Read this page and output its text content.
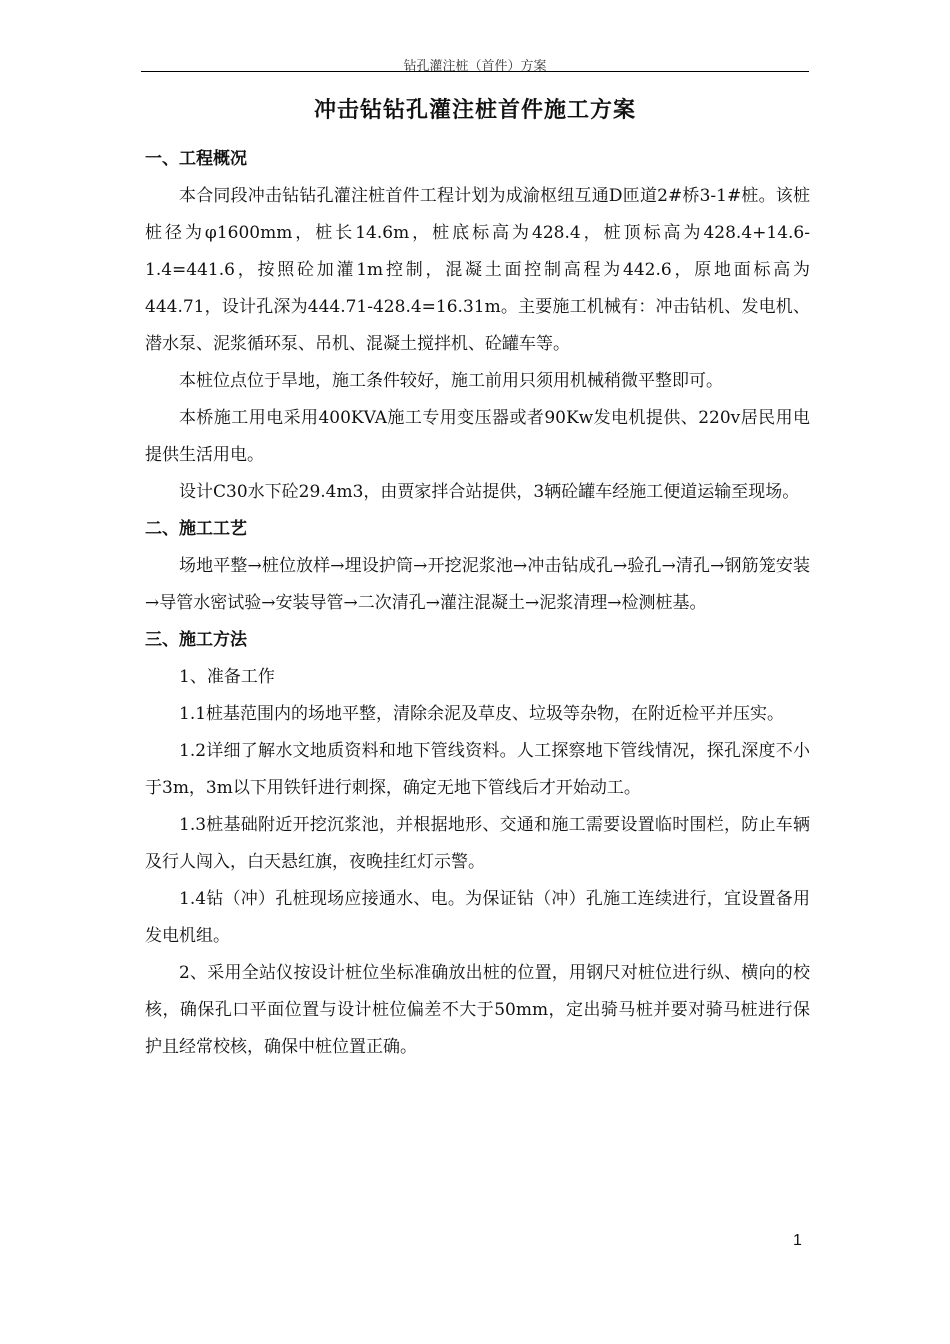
钻孔灌注桩（首件）方案
冲击钻钻孔灌注桩首件施工方案
一、工程概况

本合同段冲击钻钻孔灌注桩首件工程计划为成渝枢纽互通D匝道2#桥3-1#桩。该桩桩径为φ1600mm，桩长14.6m，桩底标高为428.4，桩顶标高为428.4+14.6-1.4=441.6，按照砼加灌1m控制，混凝土面控制高程为442.6，原地面标高为444.71，设计孔深为444.71-428.4=16.31m。主要施工机械有：冲击钻机、发电机、潜水泵、泥浆循环泵、吊机、混凝土搅拌机、砼罐车等。

本桩位点位于旱地，施工条件较好，施工前用只须用机械稍微平整即可。

本桥施工用电采用400KVA施工专用变压器或者90Kw发电机提供、220v居民用电提供生活用电。

设计C30水下砼29.4m3，由贾家拌合站提供，3辆砼罐车经施工便道运输至现场。

二、施工工艺

场地平整→桩位放样→埋设护筒→开挖泥浆池→冲击钻成孔→验孔→清孔→钢筋笼安装→导管水密试验→安装导管→二次清孔→灌注混凝土→泥浆清理→检测桩基。

三、施工方法

1、准备工作

1.1桩基范围内的场地平整，清除余泥及草皮、垃圾等杂物，在附近检平并压实。

1.2详细了解水文地质资料和地下管线资料。人工探察地下管线情况，探孔深度不小于3m，3m以下用铁钎进行刺探，确定无地下管线后才开始动工。

1.3桩基础附近开挖沉浆池，并根据地形、交通和施工需要设置临时围栏，防止车辆及行人闯入，白天悬红旗，夜晚挂红灯示警。

1.4钻（冲）孔桩现场应接通水、电。为保证钻（冲）孔施工连续进行，宜设置备用发电机组。

2、采用全站仪按设计桩位坐标准确放出桩的位置，用钢尺对桩位进行纵、横向的校核，确保孔口平面位置与设计桩位偏差不大于50mm，定出骑马桩并要对骑马桩进行保护且经常校核，确保中桩位置正确。

1
